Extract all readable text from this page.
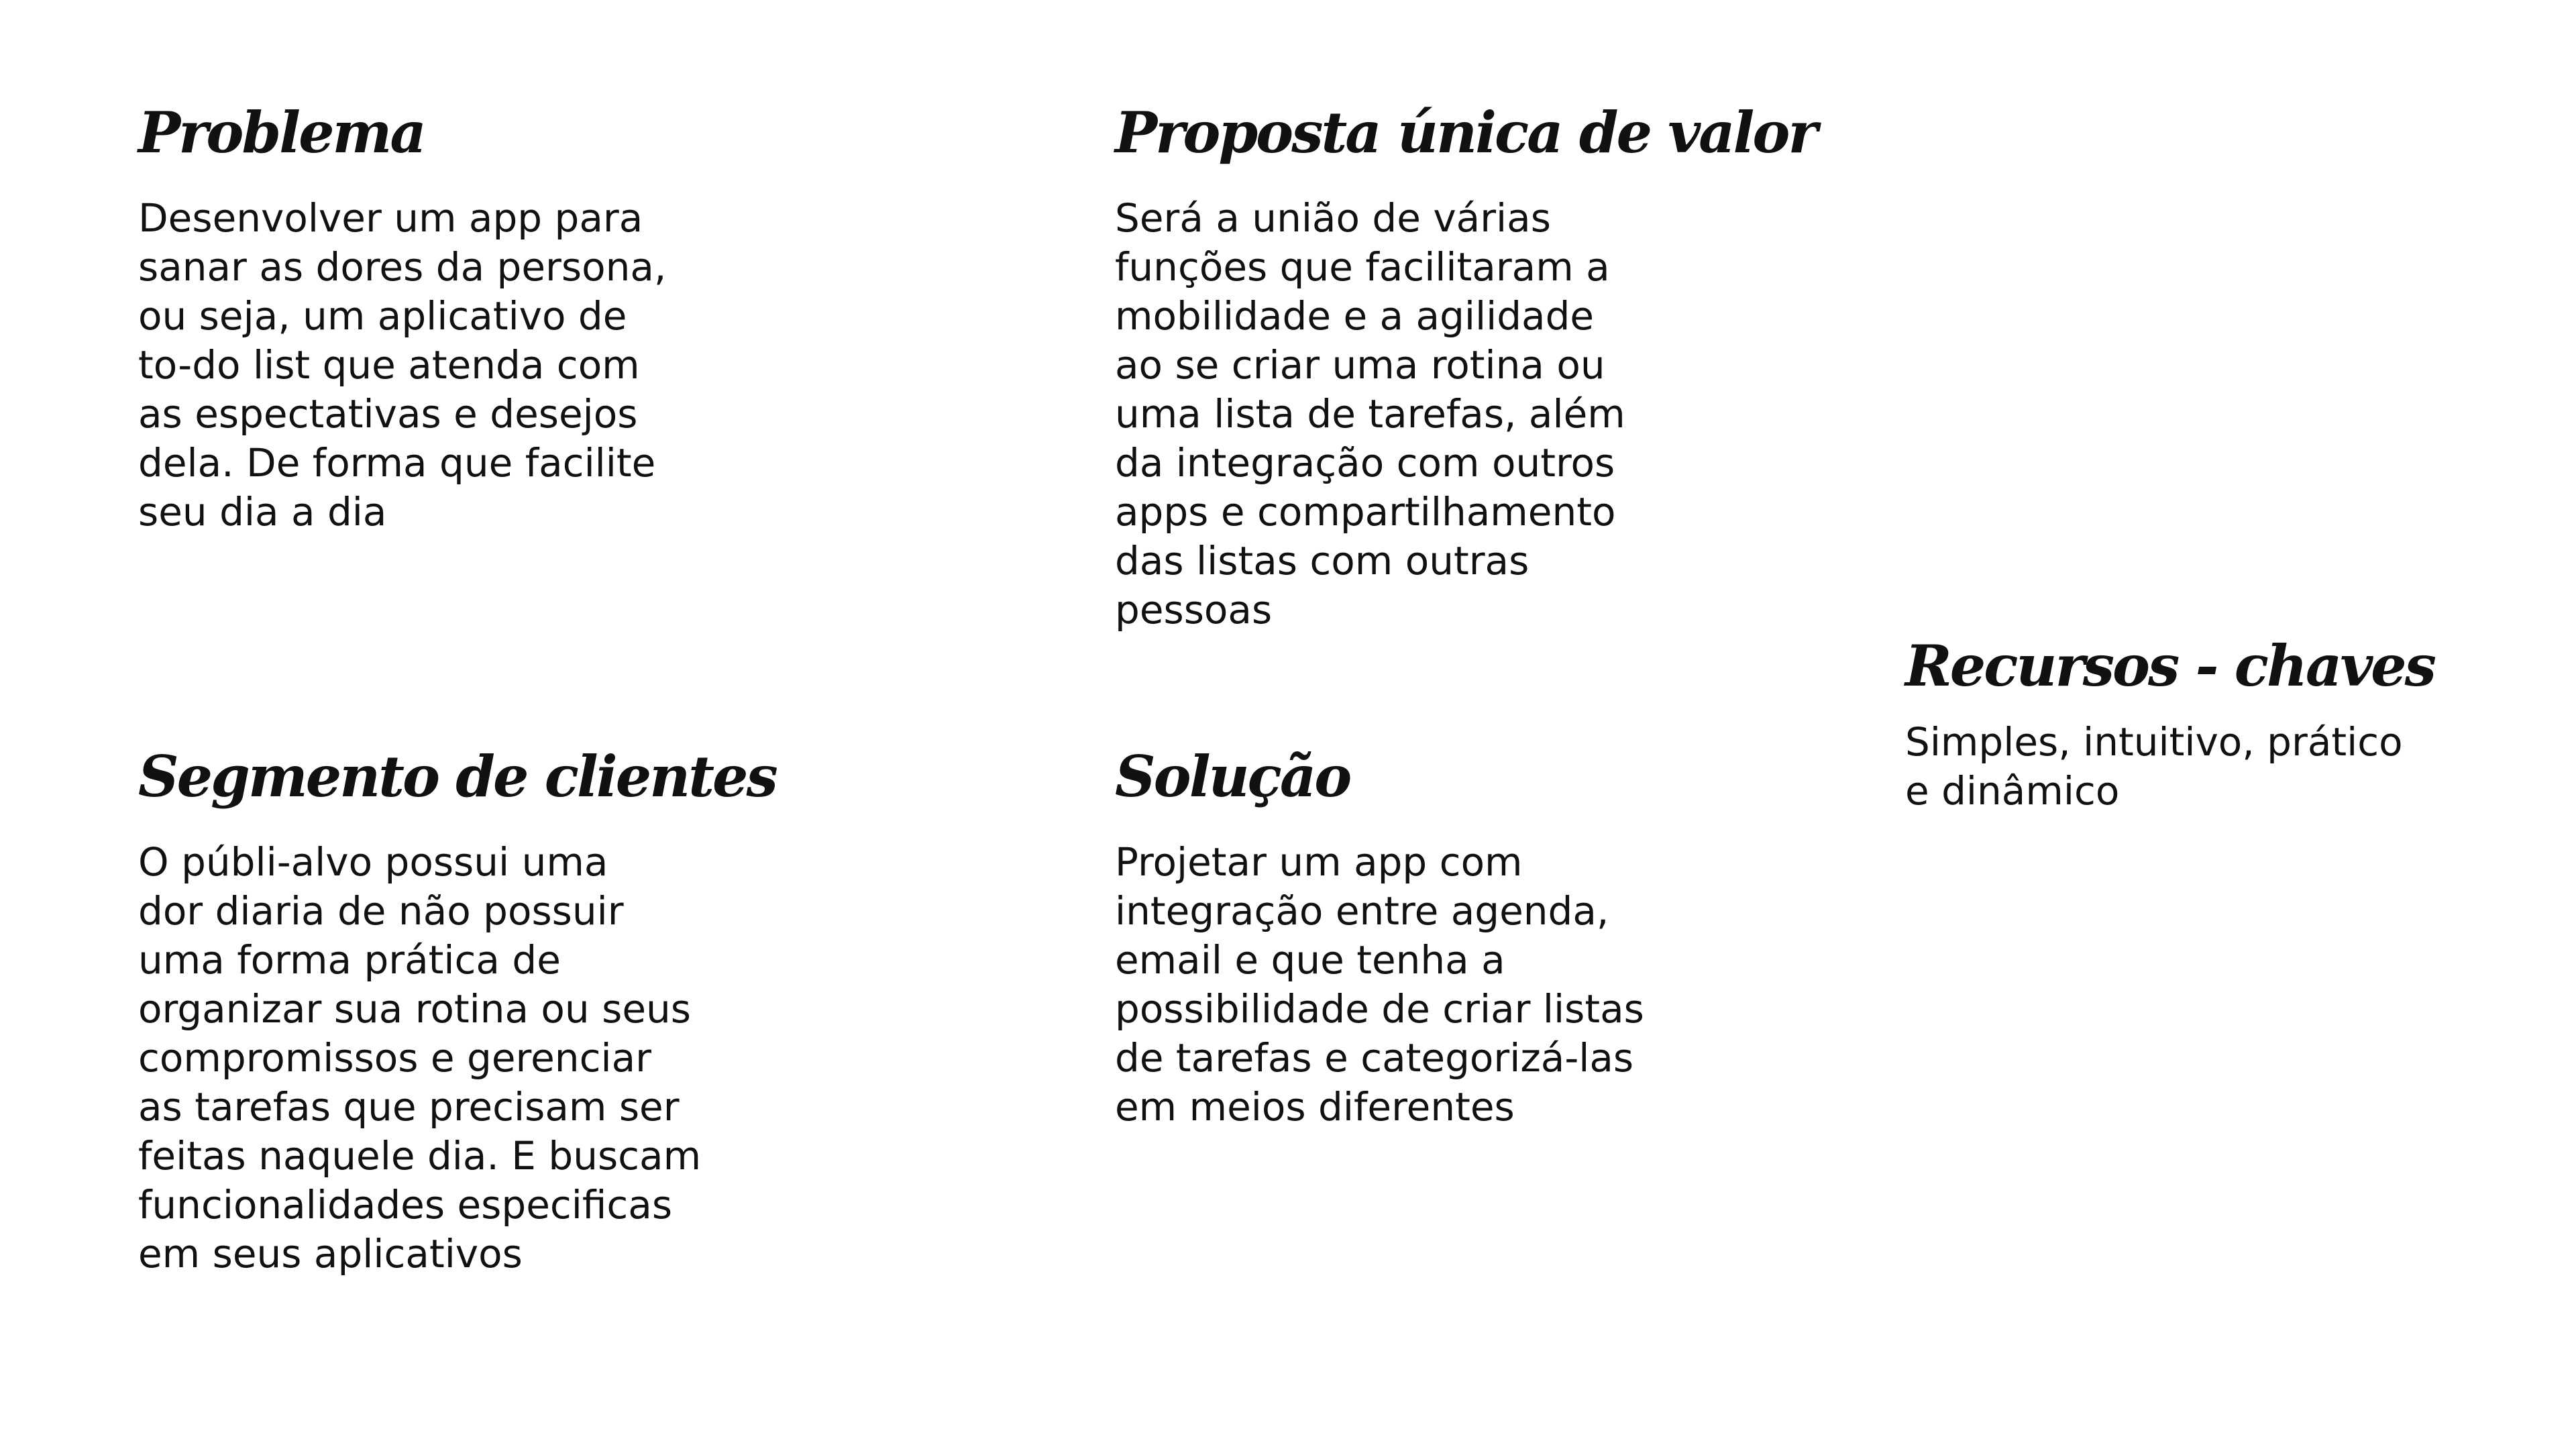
Problema

Desenvolver um app para
sanar as dores da persona,
ou seja, um aplicativo de
to-do list que atenda com
as espectativas e desejos
dela. De forma que facilite
seu dia a dia

Proposta única de valor

Será a união de várias
funções que facilitaram a
mobilidade e a agilidade
ao se criar uma rotina ou
uma lista de tarefas, além
da integração com outros
apps e compartilhamento
das listas com outras
pessoas

Segmento de clientes

O públi-alvo possui uma
dor diaria de não possuir
uma forma prática de
organizar sua rotina ou seus
compromissos e gerenciar
as tarefas que precisam ser
feitas naquele dia. E buscam
funcionalidades especificas
em seus aplicativos

Solução

Projetar um app com
integração entre agenda,
email e que tenha a
possibilidade de criar listas
de tarefas e categorizá-las
em meios diferentes

Recursos - chaves

Simples, intuitivo, prático
e dinâmico
